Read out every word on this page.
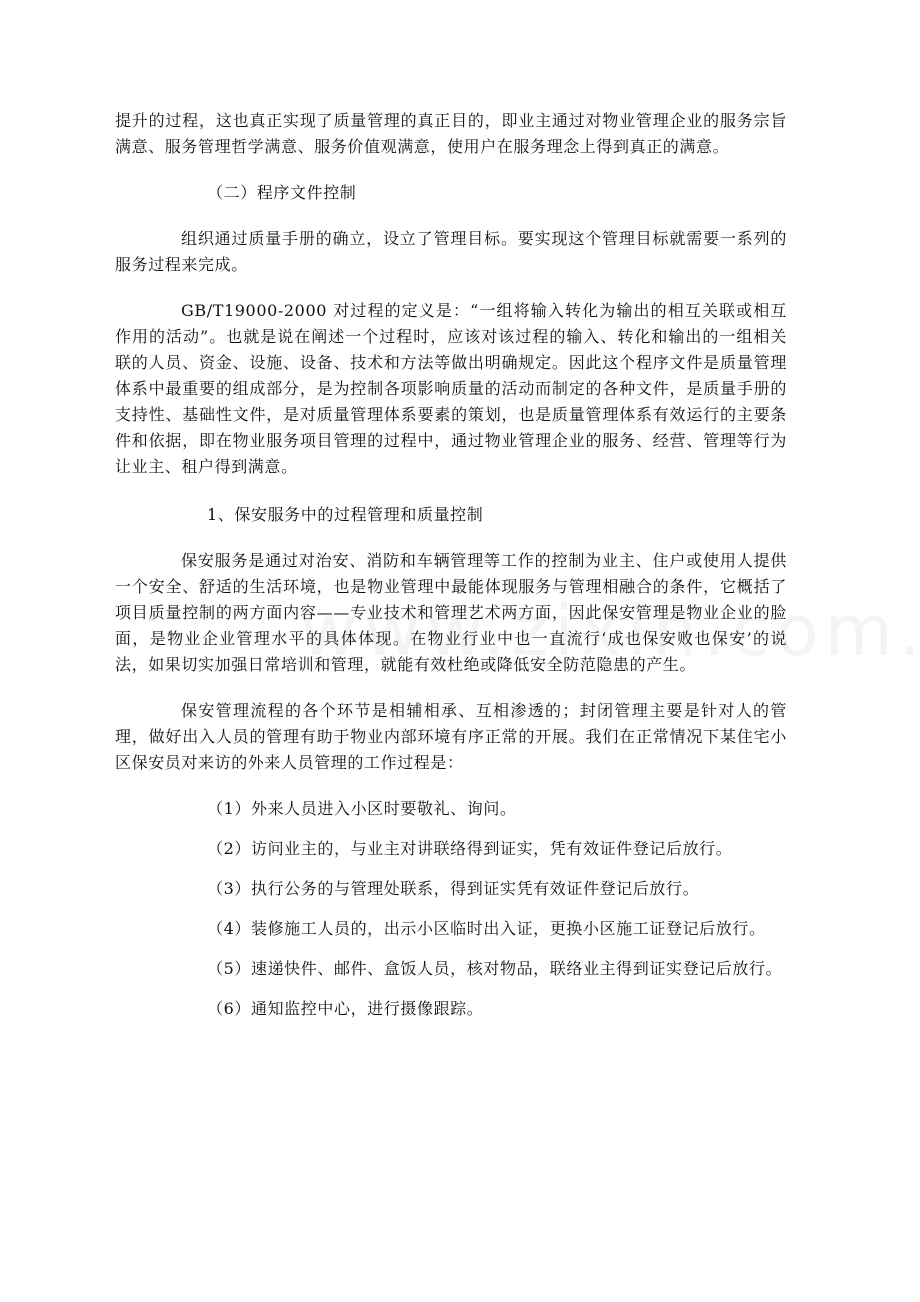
提升的过程，这也真正实现了质量管理的真正目的，即业主通过对物业管理企业的服务宗旨满意、服务管理哲学满意、服务价值观满意，使用户在服务理念上得到真正的满意。

（二）程序文件控制

组织通过质量手册的确立，设立了管理目标。要实现这个管理目标就需要一系列的服务过程来完成。

GB/T19000-2000 对过程的定义是：“一组将输入转化为输出的相互关联或相互作用的活动”。也就是说在阐述一个过程时，应该对该过程的输入、转化和输出的一组相关联的人员、资金、设施、设备、技术和方法等做出明确规定。因此这个程序文件是质量管理体系中最重要的组成部分，是为控制各项影响质量的活动而制定的各种文件，是质量手册的支持性、基础性文件，是对质量管理体系要素的策划，也是质量管理体系有效运行的主要条件和依据，即在物业服务项目管理的过程中，通过物业管理企业的服务、经营、管理等行为让业主、租户得到满意。

1、保安服务中的过程管理和质量控制

保安服务是通过对治安、消防和车辆管理等工作的控制为业主、住户或使用人提供一个安全、舒适的生活环境，也是物业管理中最能体现服务与管理相融合的条件，它概括了项目质量控制的两方面内容——专业技术和管理艺术两方面，因此保安管理是物业企业的脸面，是物业企业管理水平的具体体现。在物业行业中也一直流行‘成也保安败也保安’的说法，如果切实加强日常培训和管理，就能有效杜绝或降低安全防范隐患的产生。

保安管理流程的各个环节是相辅相承、互相渗透的；封闭管理主要是针对人的管理，做好出入人员的管理有助于物业内部环境有序正常的开展。我们在正常情况下某住宅小区保安员对来访的外来人员管理的工作过程是：

（1）外来人员进入小区时要敬礼、询问。

（2）访问业主的，与业主对讲联络得到证实，凭有效证件登记后放行。

（3）执行公务的与管理处联系，得到证实凭有效证件登记后放行。

（4）装修施工人员的，出示小区临时出入证，更换小区施工证登记后放行。

（5）速递快件、邮件、盒饭人员，核对物品，联络业主得到证实登记后放行。

（6）通知监控中心，进行摄像跟踪。
